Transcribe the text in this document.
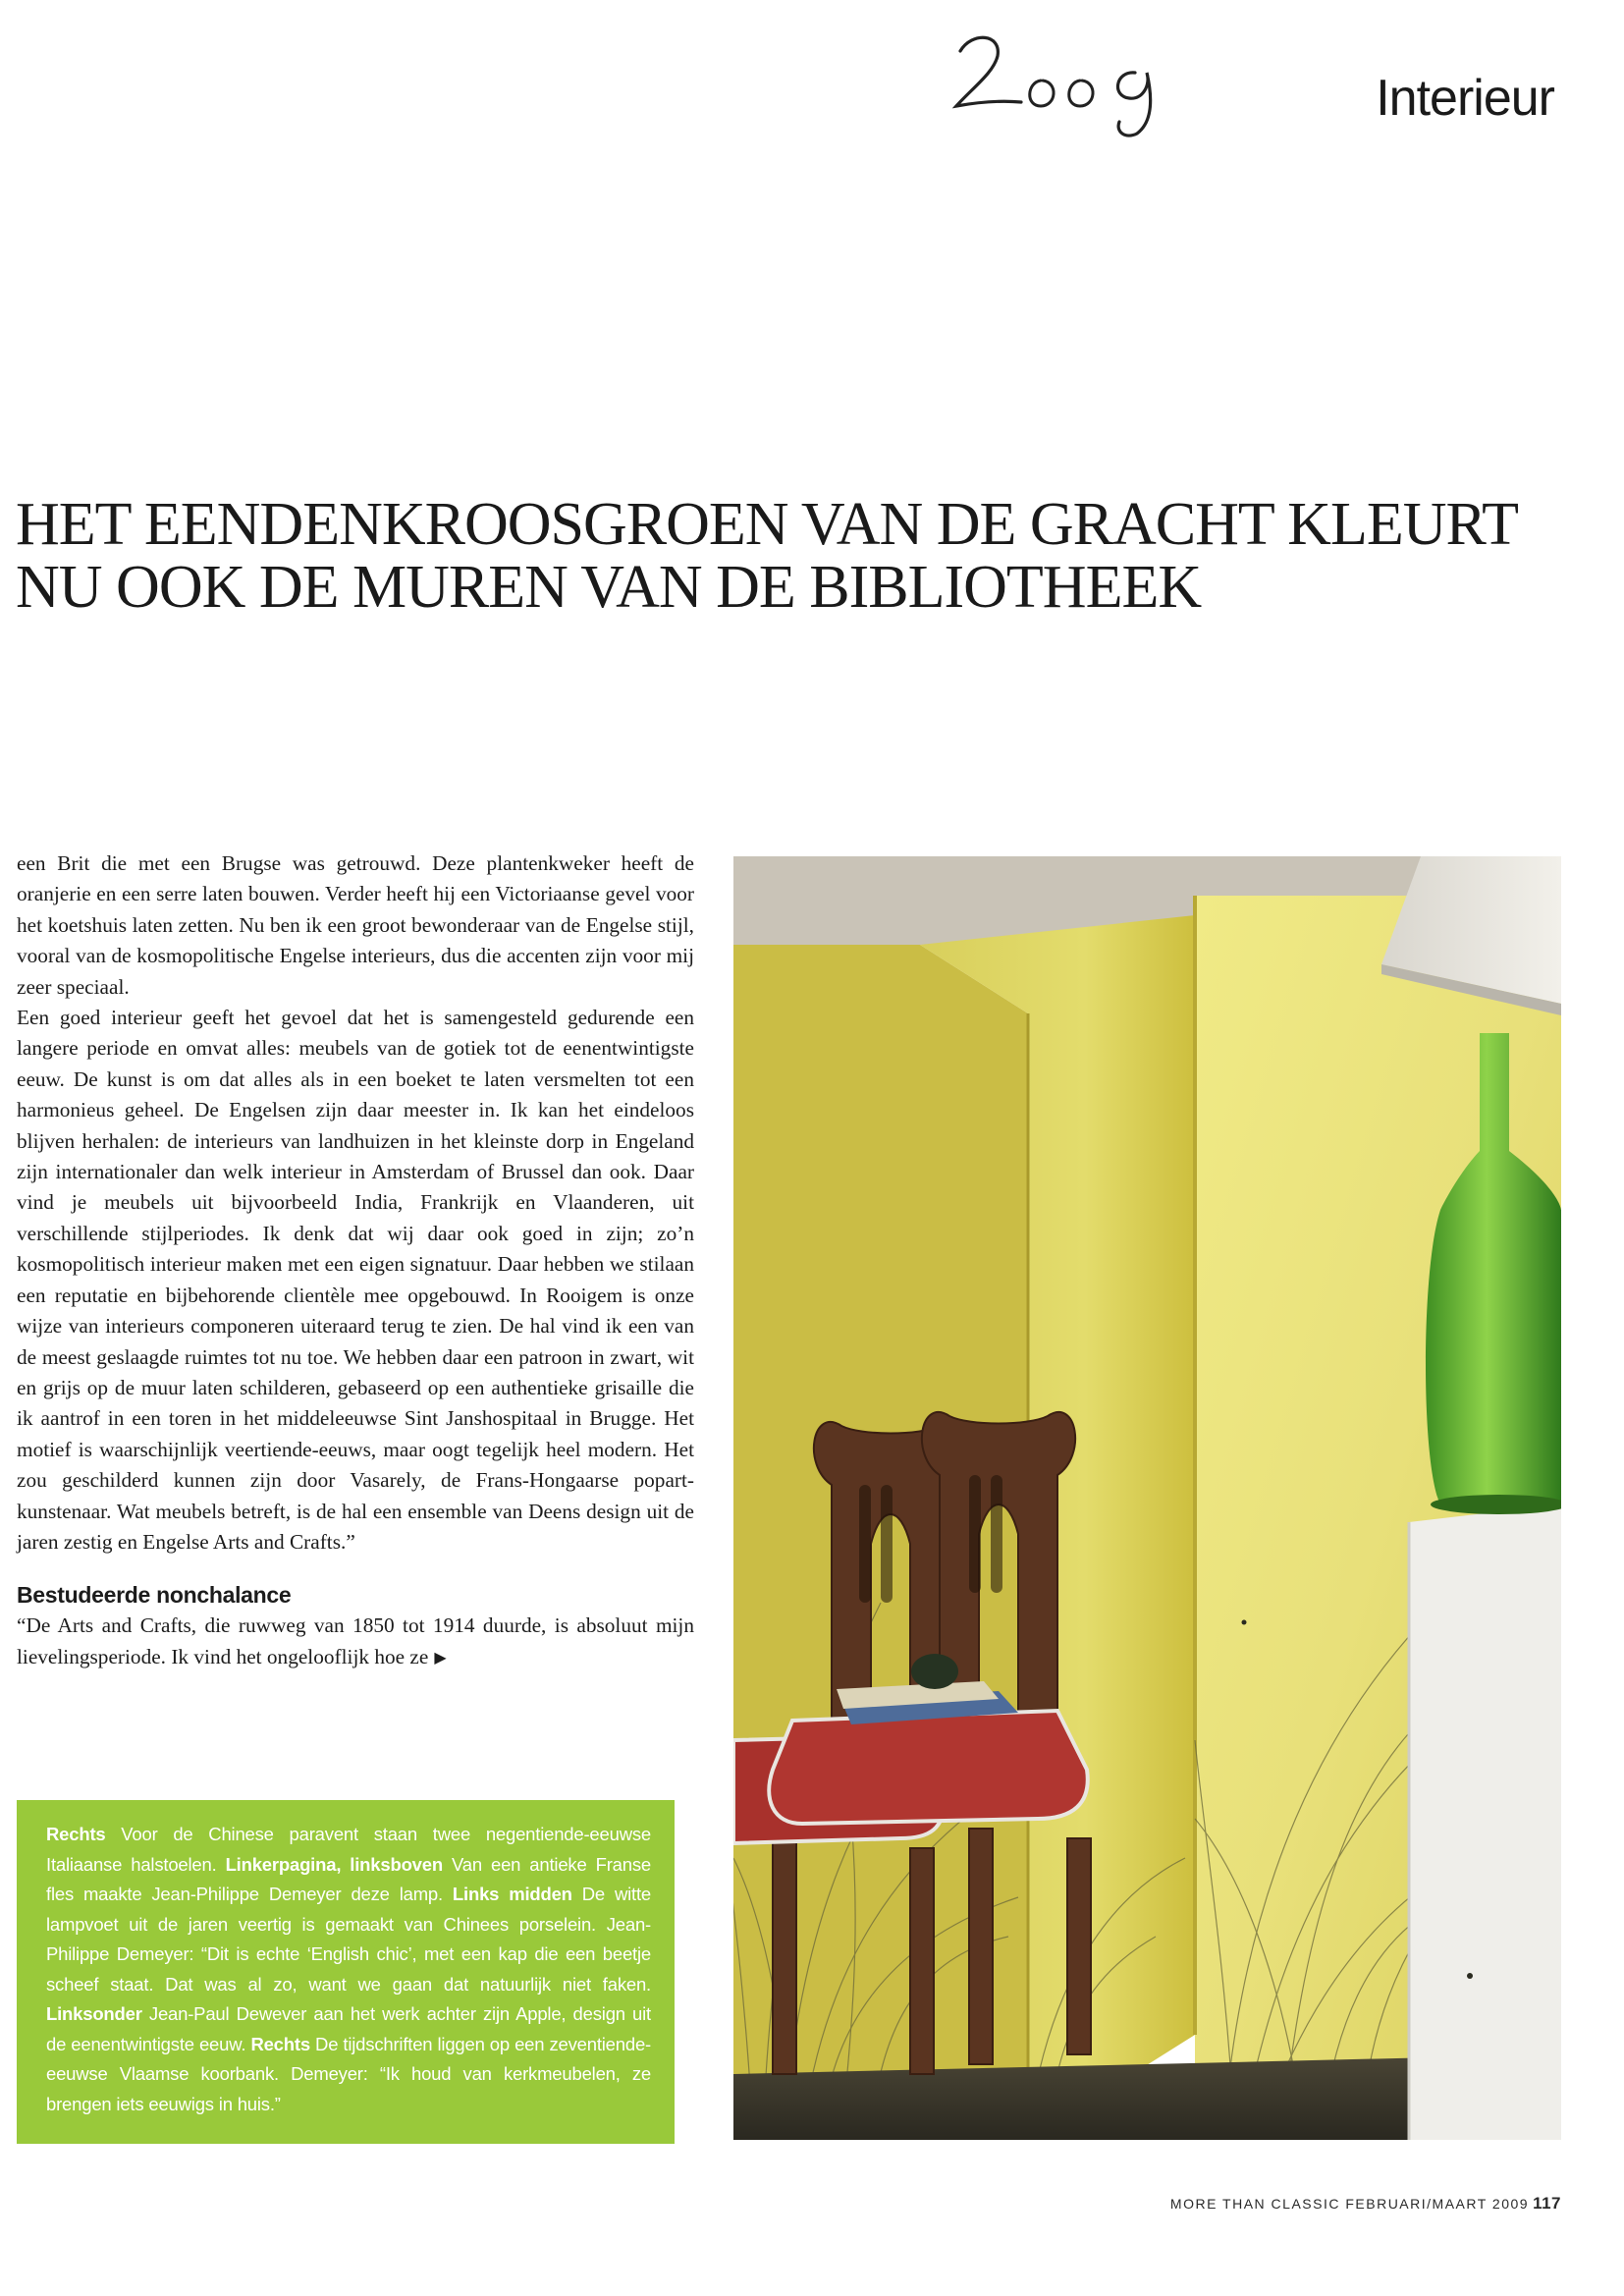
Interieur
HET EENDENKROOSGROEN VAN DE GRACHT KLEURT
NU OOK DE MUREN VAN DE BIBLIOTHEEK

een Brit die met een Brugse was getrouwd. Deze plantenkweker heeft de oranjerie en een serre laten bouwen. Verder heeft hij een Victoriaanse gevel voor het koetshuis laten zetten. Nu ben ik een groot bewonderaar van de Engelse stijl, vooral van de kosmopolitische Engelse interieurs, dus die accenten zijn voor mij zeer speciaal.

Een goed interieur geeft het gevoel dat het is samengesteld gedurende een langere periode en omvat alles: meubels van de gotiek tot de eenentwintigste eeuw. De kunst is om dat alles als in een boeket te laten versmelten tot een harmonieus geheel. De Engelsen zijn daar meester in. Ik kan het eindeloos blijven herhalen: de interieurs van landhuizen in het kleinste dorp in Engeland zijn internationaler dan welk interieur in Amsterdam of Brussel dan ook. Daar vind je meubels uit bijvoorbeeld India, Frankrijk en Vlaanderen, uit verschillende stijlperiodes. Ik denk dat wij daar ook goed in zijn; zo’n kosmopolitisch interieur maken met een eigen signatuur. Daar hebben we stilaan een reputatie en bijbehorende clientèle mee opgebouwd. In Rooigem is onze wijze van interieurs componeren uiteraard terug te zien. De hal vind ik een van de meest geslaagde ruimtes tot nu toe. We hebben daar een patroon in zwart, wit en grijs op de muur laten schilderen, gebaseerd op een authentieke grisaille die ik aantrof in een toren in het middeleeuwse Sint Janshospitaal in Brugge. Het motief is waarschijnlijk veertiende-eeuws, maar oogt tegelijk heel modern. Het zou geschilderd kunnen zijn door Vasarely, de Frans-Hongaarse popart-kunstenaar. Wat meubels betreft, is de hal een ensemble van Deens design uit de jaren zestig en Engelse Arts and Crafts.”

Bestudeerde nonchalance

“De Arts and Crafts, die ruwweg van 1850 tot 1914 duurde, is absoluut mijn lievelingsperiode. Ik vind het ongelooflijk hoe ze ▶

Rechts Voor de Chinese paravent staan twee negentiende-eeuwse Italiaanse halstoelen. Linkerpagina, linksboven Van een antieke Franse fles maakte Jean-Philippe Demeyer deze lamp. Links midden De witte lampvoet uit de jaren veertig is gemaakt van Chinees porselein. Jean-Philippe Demeyer: “Dit is echte ‘English chic’, met een kap die een beetje scheef staat. Dat was al zo, want we gaan dat natuurlijk niet faken. Linksonder Jean-Paul Dewever aan het werk achter zijn Apple, design uit de eenentwintigste eeuw. Rechts De tijdschriften liggen op een zeventiende-eeuwse Vlaamse koorbank. Demeyer: “Ik houd van kerkmeubelen, ze brengen iets eeuwigs in huis.”
MORE THAN CLASSIC FEBRUARI/MAART 2009 117
